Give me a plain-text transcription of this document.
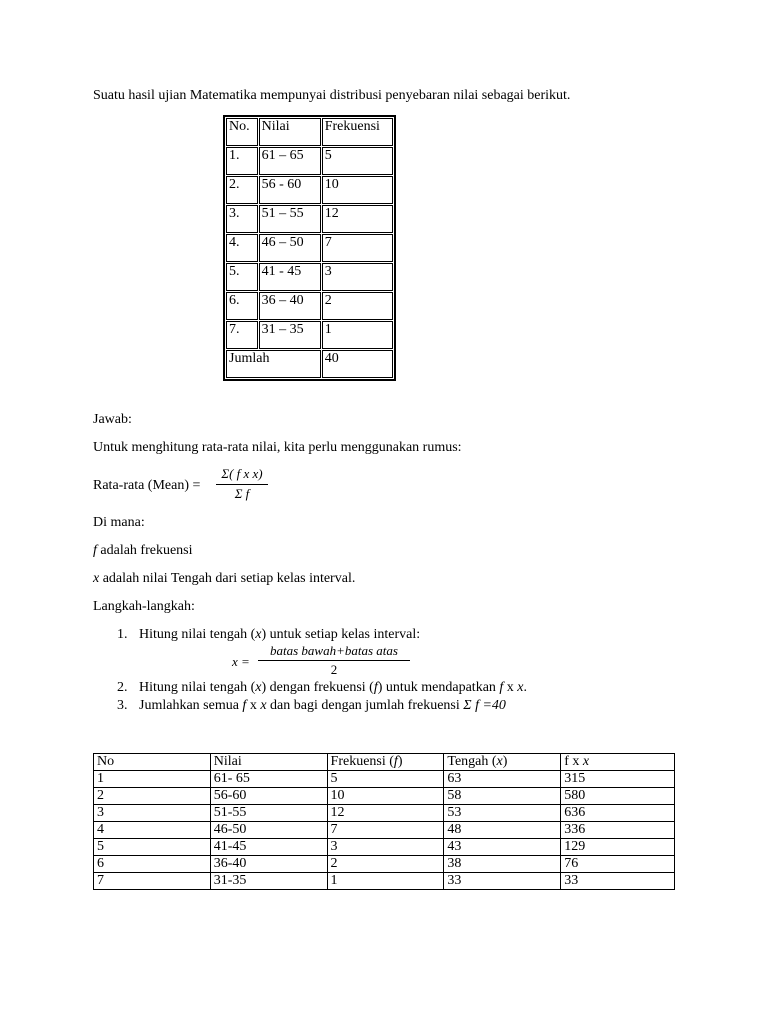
Suatu hasil ujian Matematika mempunyai distribusi penyebaran nilai sebagai berikut.
No.	Nilai	Frekuensi
1.	61 – 65	5
2.	56 - 60	10
3.	51 – 55	12
4.	46 – 50	7
5.	41 - 45	3
6.	36 – 40	2
7.	31 – 35	1
Jumlah		40
Jawab:
Untuk menghitung rata-rata nilai, kita perlu menggunakan rumus:
Rata-rata (Mean) =
Σ( f x x)
Σ f
Di mana:
f adalah frekuensi
x adalah nilai Tengah dari setiap kelas interval.
Langkah-langkah:
1. Hitung nilai tengah (x) untuk setiap kelas interval:
x =
batas bawah+batas atas
2
2. Hitung nilai tengah (x) dengan frekuensi (f) untuk mendapatkan f x x.
3. Jumlahkan semua f x x dan bagi dengan jumlah frekuensi Σ f =40
No	Nilai	Frekuensi (f)	Tengah (x)	f x x
1	61- 65	5	63	315
2	56-60	10	58	580
3	51-55	12	53	636
4	46-50	7	48	336
5	41-45	3	43	129
6	36-40	2	38	76
7	31-35	1	33	33
